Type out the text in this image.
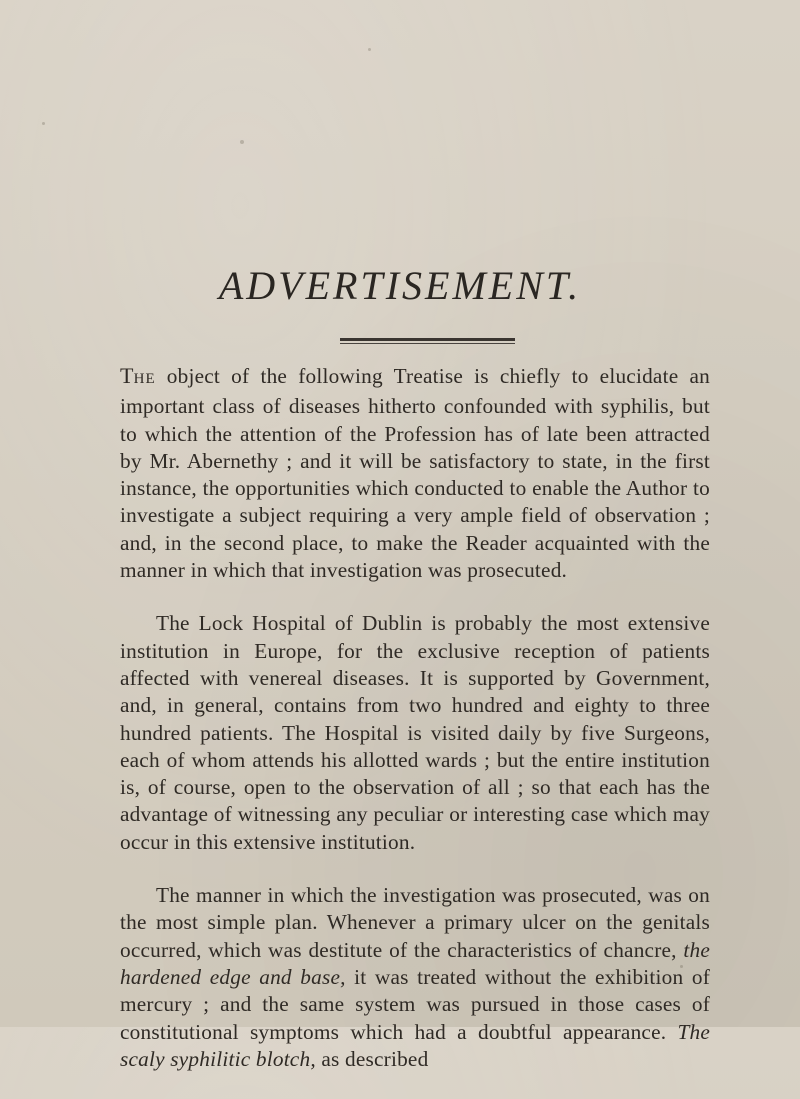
ADVERTISEMENT.

THE object of the following Treatise is chiefly to elucidate an important class of diseases hitherto confounded with syphilis, but to which the attention of the Profession has of late been attracted by Mr. Abernethy ; and it will be satisfactory to state, in the first instance, the opportunities which conducted to enable the Author to investigate a subject requiring a very ample field of observation ; and, in the second place, to make the Reader acquainted with the manner in which that investigation was prosecuted.

The Lock Hospital of Dublin is probably the most extensive institution in Europe, for the exclusive reception of patients affected with venereal diseases. It is supported by Government, and, in general, contains from two hundred and eighty to three hundred patients. The Hospital is visited daily by five Surgeons, each of whom attends his allotted wards ; but the entire institution is, of course, open to the observation of all ; so that each has the advantage of witnessing any peculiar or interesting case which may occur in this extensive institution.

The manner in which the investigation was prosecuted, was on the most simple plan. Whenever a primary ulcer on the genitals occurred, which was destitute of the characteristics of chancre, the hardened edge and base, it was treated without the exhibition of mercury ; and the same system was pursued in those cases of constitutional symptoms which had a doubtful appearance. The scaly syphilitic blotch, as described
